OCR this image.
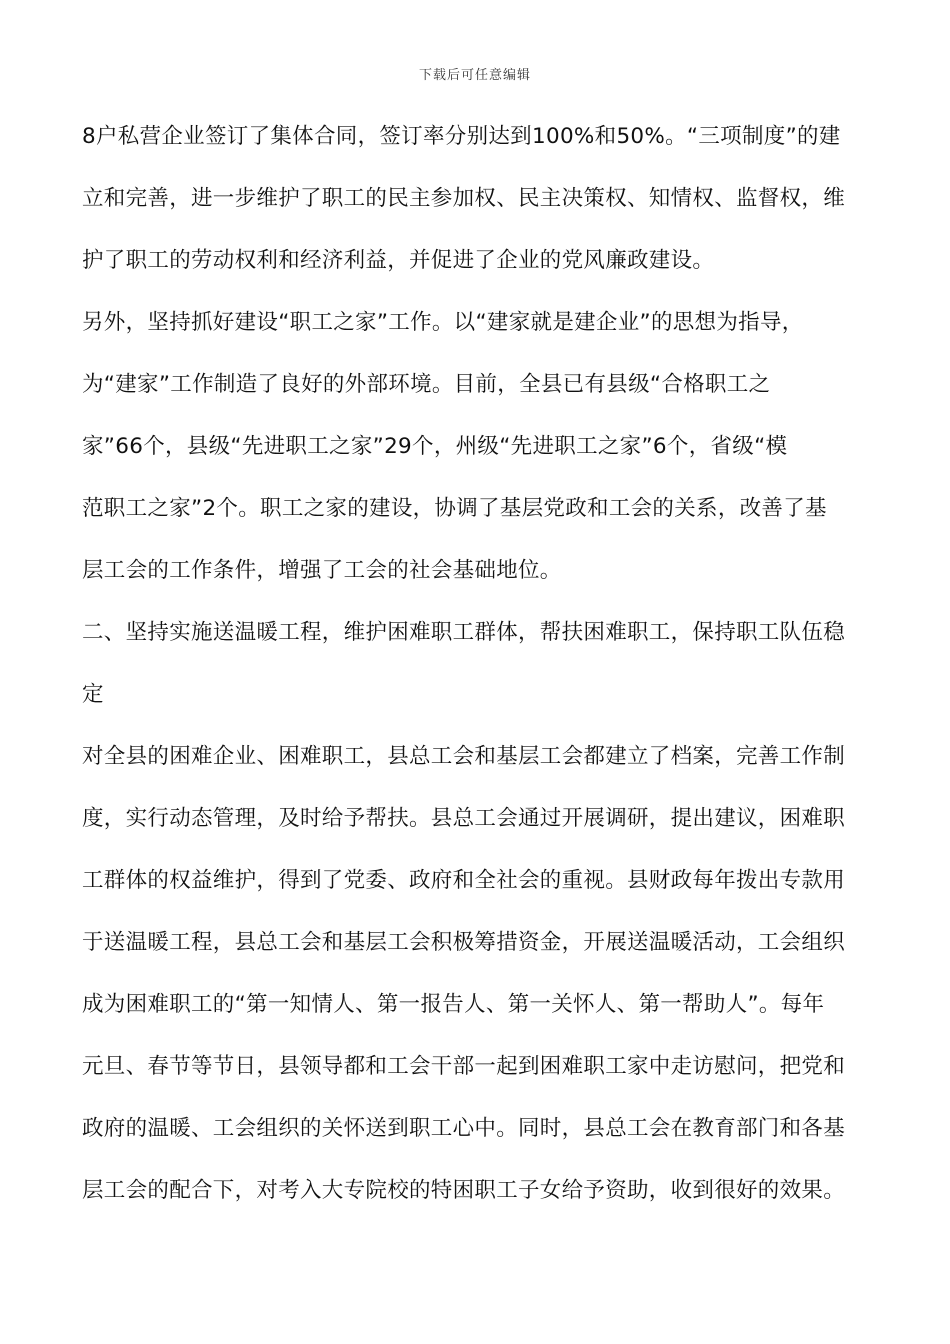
下载后可任意编辑
8户私营企业签订了集体合同，签订率分别达到100%和50%。“三项制度”的建
立和完善，进一步维护了职工的民主参加权、民主决策权、知情权、监督权，维
护了职工的劳动权利和经济利益，并促进了企业的党风廉政建设。
另外，坚持抓好建设“职工之家”工作。以“建家就是建企业”的思想为指导，
为“建家”工作制造了良好的外部环境。目前，全县已有县级“合格职工之
家”66个，县级“先进职工之家”29个，州级“先进职工之家”6个，省级“模
范职工之家”2个。职工之家的建设，协调了基层党政和工会的关系，改善了基
层工会的工作条件，增强了工会的社会基础地位。
二、坚持实施送温暖工程，维护困难职工群体，帮扶困难职工，保持职工队伍稳
定
对全县的困难企业、困难职工，县总工会和基层工会都建立了档案，完善工作制
度，实行动态管理，及时给予帮扶。县总工会通过开展调研，提出建议，困难职
工群体的权益维护，得到了党委、政府和全社会的重视。县财政每年拨出专款用
于送温暖工程，县总工会和基层工会积极筹措资金，开展送温暖活动，工会组织
成为困难职工的“第一知情人、第一报告人、第一关怀人、第一帮助人”。每年
元旦、春节等节日，县领导都和工会干部一起到困难职工家中走访慰问，把党和
政府的温暖、工会组织的关怀送到职工心中。同时，县总工会在教育部门和各基
层工会的配合下，对考入大专院校的特困职工子女给予资助，收到很好的效果。
